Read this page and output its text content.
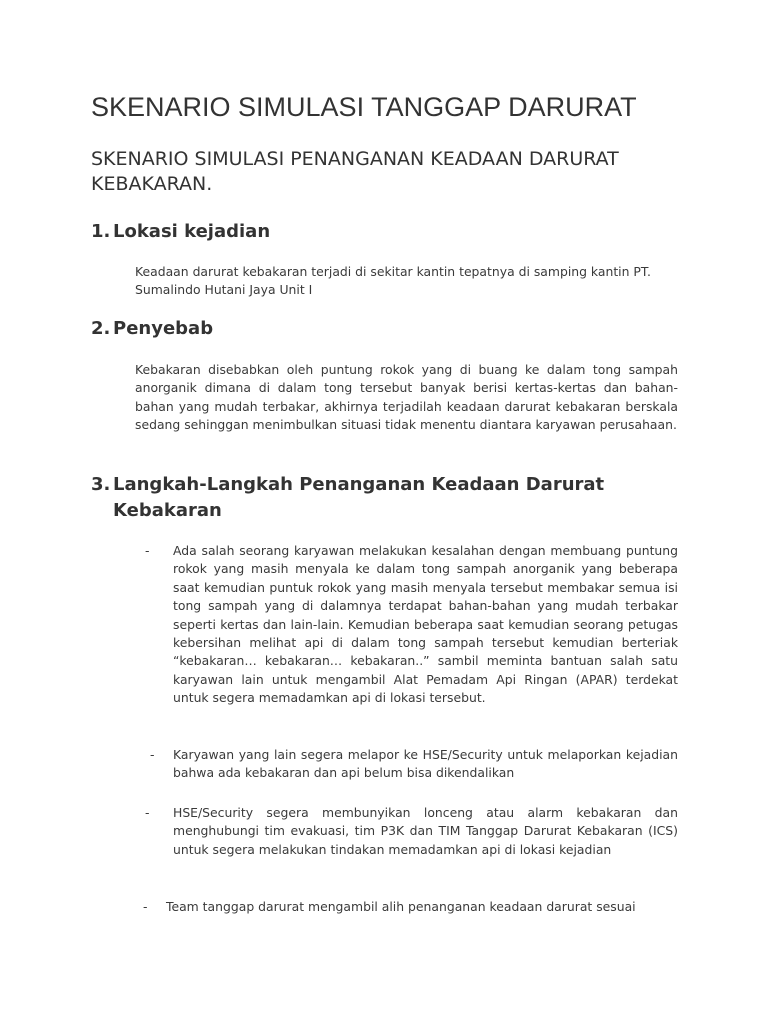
SKENARIO SIMULASI TANGGAP DARURAT
SKENARIO SIMULASI PENANGANAN KEADAAN DARURAT KEBAKARAN.
1. Lokasi kejadian

Keadaan darurat kebakaran terjadi di sekitar kantin tepatnya di samping kantin PT. Sumalindo Hutani Jaya Unit I

2. Penyebab

Kebakaran disebabkan oleh puntung rokok yang di buang ke dalam tong sampah anorganik dimana di dalam tong tersebut banyak berisi kertas-kertas dan bahan-bahan yang mudah terbakar, akhirnya terjadilah keadaan darurat kebakaran berskala sedang sehinggan menimbulkan situasi tidak menentu diantara karyawan perusahaan.

3. Langkah-Langkah Penanganan Keadaan Darurat
Kebakaran
-	Ada salah seorang karyawan melakukan kesalahan dengan membuang puntung rokok yang masih menyala ke dalam tong sampah anorganik yang beberapa saat kemudian puntuk rokok yang masih menyala tersebut membakar semua isi tong sampah yang di dalamnya terdapat bahan-bahan yang mudah terbakar seperti kertas dan lain-lain. Kemudian beberapa saat kemudian seorang petugas kebersihan melihat api di dalam tong sampah tersebut kemudian berteriak “kebakaran… kebakaran… kebakaran..” sambil meminta bantuan salah satu karyawan lain untuk mengambil Alat Pemadam Api Ringan (APAR) terdekat untuk segera memadamkan api di lokasi tersebut.
-	Karyawan yang lain segera melapor ke HSE/Security untuk melaporkan kejadian bahwa ada kebakaran dan api belum bisa dikendalikan
-	HSE/Security segera membunyikan lonceng atau alarm kebakaran dan menghubungi tim evakuasi, tim P3K dan TIM Tanggap Darurat Kebakaran (ICS) untuk segera melakukan tindakan memadamkan api di lokasi kejadian
-	Team tanggap darurat mengambil alih penanganan keadaan darurat sesuai
